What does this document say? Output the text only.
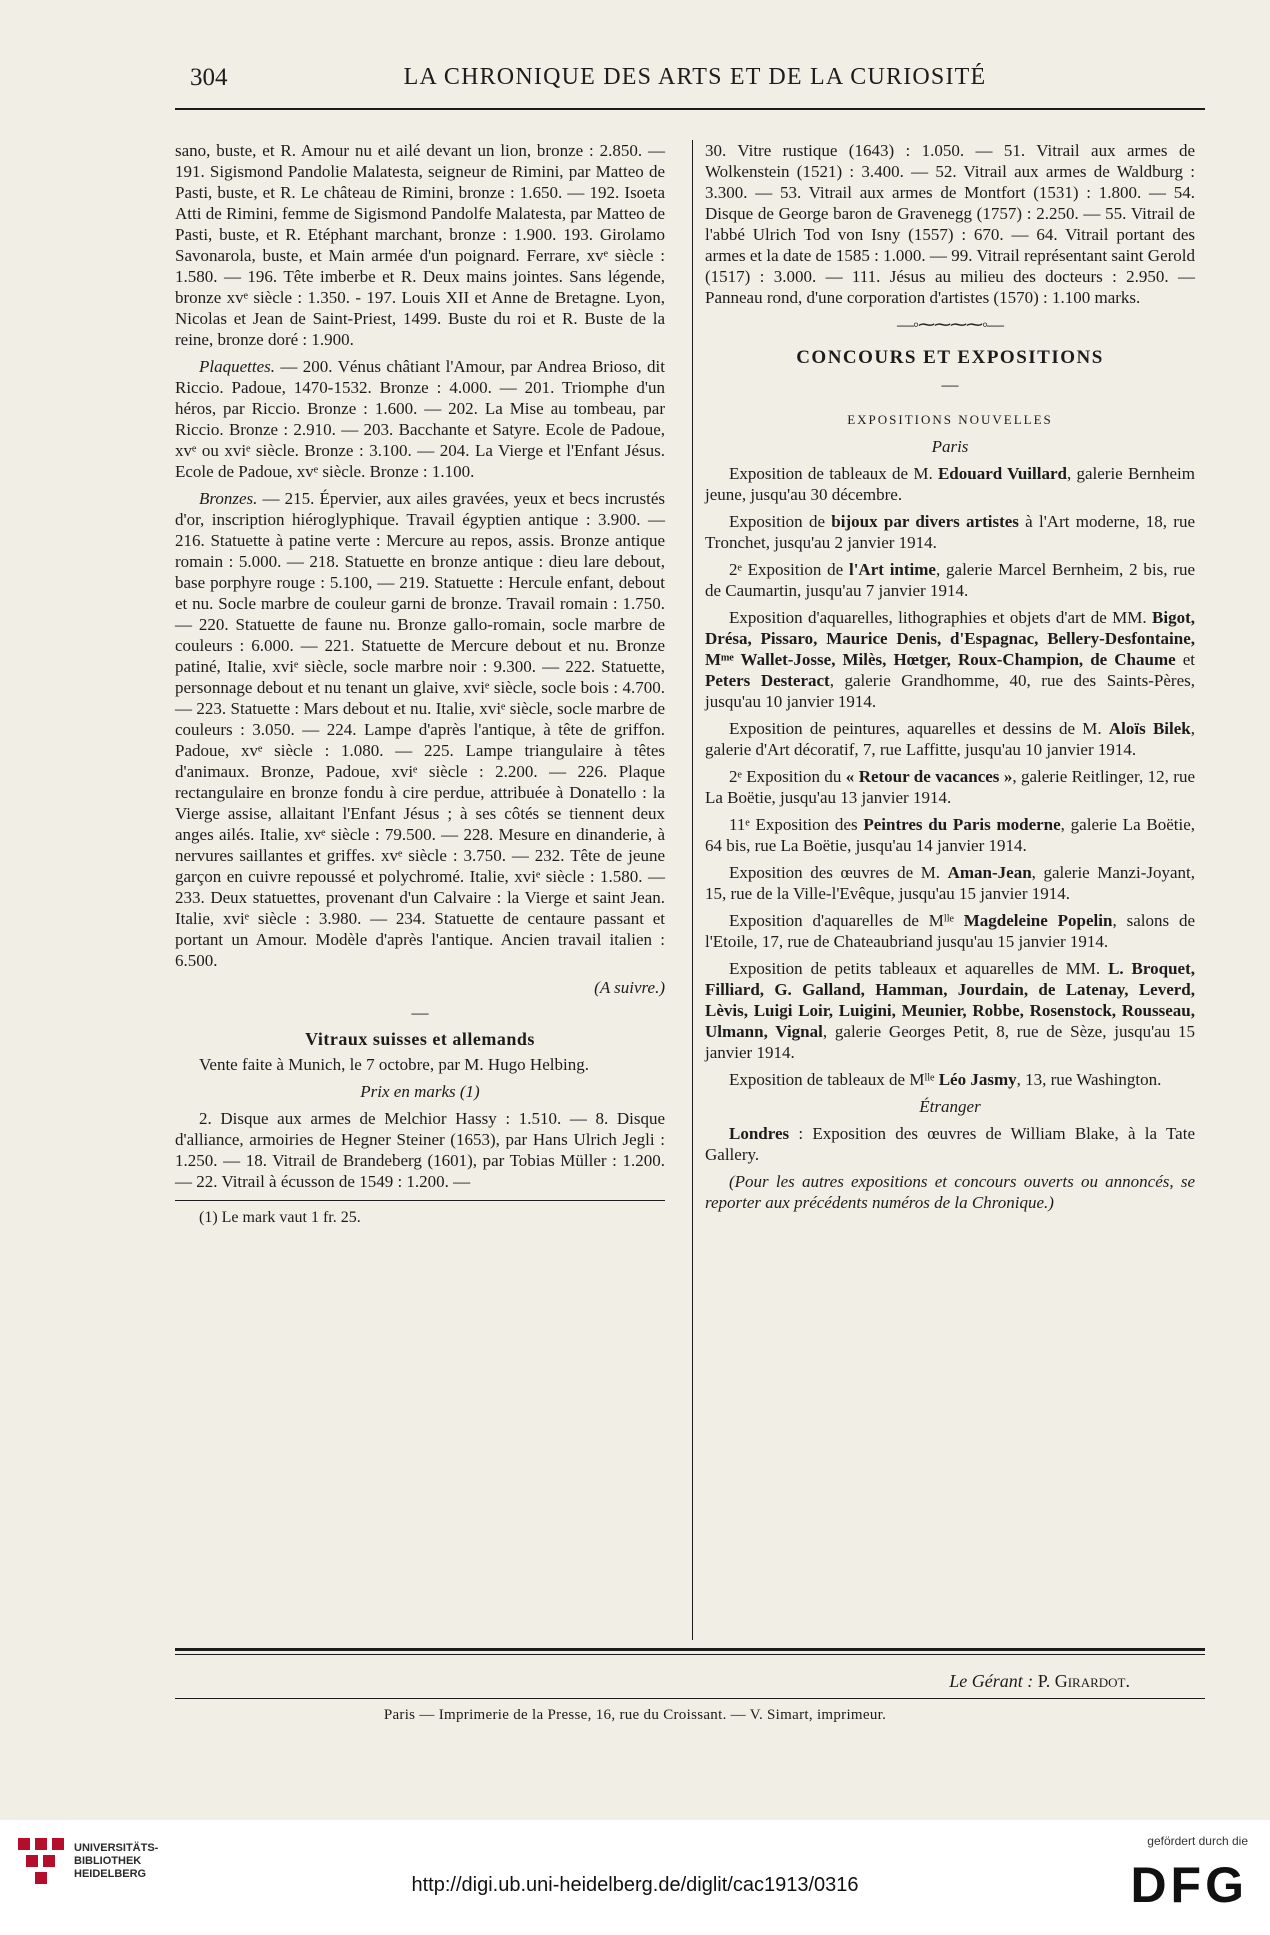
304	LA CHRONIQUE DES ARTS ET DE LA CURIOSITÉ

sano, buste, et R. Amour nu et ailé devant un lion, bronze : 2.850. — 191. Sigismond Pandolie Malatesta, seigneur de Rimini, par Matteo de Pasti, buste, et R. Le château de Rimini, bronze : 1.650. — 192. Isoeta Atti de Rimini, femme de Sigismond Pandolfe Malatesta, par Matteo de Pasti, buste, et R. Etéphant marchant, bronze : 1.900. 193. Girolamo Savonarola, buste, et Main armée d'un poignard. Ferrare, xvᵉ siècle : 1.580. — 196. Tête imberbe et R. Deux mains jointes. Sans légende, bronze xvᵉ siècle : 1.350. - 197. Louis XII et Anne de Bretagne. Lyon, Nicolas et Jean de Saint-Priest, 1499. Buste du roi et R. Buste de la reine, bronze doré : 1.900.

Plaquettes. — 200. Vénus châtiant l'Amour, par Andrea Brioso, dit Riccio. Padoue, 1470-1532. Bronze : 4.000. — 201. Triomphe d'un héros, par Riccio. Bronze : 1.600. — 202. La Mise au tombeau, par Riccio. Bronze : 2.910. — 203. Bacchante et Satyre. Ecole de Padoue, xvᵉ ou xviᵉ siècle. Bronze : 3.100. — 204. La Vierge et l'Enfant Jésus. Ecole de Padoue, xvᵉ siècle. Bronze : 1.100.

Bronzes. — 215. Épervier, aux ailes gravées, yeux et becs incrustés d'or, inscription hiéroglyphique. Travail égyptien antique : 3.900. — 216. Statuette à patine verte : Mercure au repos, assis. Bronze antique romain : 5.000. — 218. Statuette en bronze antique : dieu lare debout, base porphyre rouge : 5.100, — 219. Statuette : Hercule enfant, debout et nu. Socle marbre de couleur garni de bronze. Travail romain : 1.750. — 220. Statuette de faune nu. Bronze gallo-romain, socle marbre de couleurs : 6.000. — 221. Statuette de Mercure debout et nu. Bronze patiné, Italie, xviᵉ siècle, socle marbre noir : 9.300. — 222. Statuette, personnage debout et nu tenant un glaive, xviᵉ siècle, socle bois : 4.700. — 223. Statuette : Mars debout et nu. Italie, xviᵉ siècle, socle marbre de couleurs : 3.050. — 224. Lampe d'après l'antique, à tête de griffon. Padoue, xvᵉ siècle : 1.080. — 225. Lampe triangulaire à têtes d'animaux. Bronze, Padoue, xviᵉ siècle : 2.200. — 226. Plaque rectangulaire en bronze fondu à cire perdue, attribuée à Donatello : la Vierge assise, allaitant l'Enfant Jésus ; à ses côtés se tiennent deux anges ailés. Italie, xvᵉ siècle : 79.500. — 228. Mesure en dinanderie, à nervures saillantes et griffes. xvᵉ siècle : 3.750. — 232. Tête de jeune garçon en cuivre repoussé et polychromé. Italie, xviᵉ siècle : 1.580. — 233. Deux statuettes, provenant d'un Calvaire : la Vierge et saint Jean. Italie, xviᵉ siècle : 3.980. — 234. Statuette de centaure passant et portant un Amour. Modèle d'après l'antique. Ancien travail italien : 6.500.

(A suivre.)
—
Vitraux suisses et allemands

Vente faite à Munich, le 7 octobre, par M. Hugo Helbing.

Prix en marks (1)

2. Disque aux armes de Melchior Hassy : 1.510. — 8. Disque d'alliance, armoiries de Hegner Steiner (1653), par Hans Ulrich Jegli : 1.250. — 18. Vitrail de Brandeberg (1601), par Tobias Müller : 1.200. — 22. Vitrail à écusson de 1549 : 1.200. —

(1) Le mark vaut 1 fr. 25.

30. Vitre rustique (1643) : 1.050. — 51. Vitrail aux armes de Wolkenstein (1521) : 3.400. — 52. Vitrail aux armes de Waldburg : 3.300. — 53. Vitrail aux armes de Montfort (1531) : 1.800. — 54. Disque de George baron de Gravenegg (1757) : 2.250. — 55. Vitrail de l'abbé Ulrich Tod von Isny (1557) : 670. — 64. Vitrail portant des armes et la date de 1585 : 1.000. — 99. Vitrail représentant saint Gerold (1517) : 3.000. — 111. Jésus au milieu des docteurs : 2.950. — Panneau rond, d'une corporation d'artistes (1570) : 1.100 marks.

—◦⁓⁓⁓⁓◦—
CONCOURS ET EXPOSITIONS
—
EXPOSITIONS NOUVELLES
Paris

Exposition de tableaux de M. Edouard Vuillard, galerie Bernheim jeune, jusqu'au 30 décembre.

Exposition de bijoux par divers artistes à l'Art moderne, 18, rue Tronchet, jusqu'au 2 janvier 1914.

2ᵉ Exposition de l'Art intime, galerie Marcel Bernheim, 2 bis, rue de Caumartin, jusqu'au 7 janvier 1914.

Exposition d'aquarelles, lithographies et objets d'art de MM. Bigot, Drésa, Pissaro, Maurice Denis, d'Espagnac, Bellery-Desfontaine, Mᵐᵉ Wallet-Josse, Milès, Hœtger, Roux-Champion, de Chaume et Peters Desteract, galerie Grandhomme, 40, rue des Saints-Pères, jusqu'au 10 janvier 1914.

Exposition de peintures, aquarelles et dessins de M. Aloïs Bilek, galerie d'Art décoratif, 7, rue Laffitte, jusqu'au 10 janvier 1914.

2ᵉ Exposition du « Retour de vacances », galerie Reitlinger, 12, rue La Boëtie, jusqu'au 13 janvier 1914.

11ᵉ Exposition des Peintres du Paris moderne, galerie La Boëtie, 64 bis, rue La Boëtie, jusqu'au 14 janvier 1914.

Exposition des œuvres de M. Aman-Jean, galerie Manzi-Joyant, 15, rue de la Ville-l'Evêque, jusqu'au 15 janvier 1914.

Exposition d'aquarelles de Mˡˡᵉ Magdeleine Popelin, salons de l'Etoile, 17, rue de Chateaubriand jusqu'au 15 janvier 1914.

Exposition de petits tableaux et aquarelles de MM. L. Broquet, Filliard, G. Galland, Hamman, Jourdain, de Latenay, Leverd, Lèvis, Luigi Loir, Luigini, Meunier, Robbe, Rosenstock, Rousseau, Ulmann, Vignal, galerie Georges Petit, 8, rue de Sèze, jusqu'au 15 janvier 1914.

Exposition de tableaux de Mˡˡᵉ Léo Jasmy, 13, rue Washington.

Étranger

Londres : Exposition des œuvres de William Blake, à la Tate Gallery.

(Pour les autres expositions et concours ouverts ou annoncés, se reporter aux précédents numéros de la Chronique.)

Le Gérant : P. Girardot.
Paris — Imprimerie de la Presse, 16, rue du Croissant. — V. Simart, imprimeur.
UNIVERSITÄTS-
BIBLIOTHEK
HEIDELBERG
http://digi.ub.uni-heidelberg.de/diglit/cac1913/0316
gefördert durch die
DFG
